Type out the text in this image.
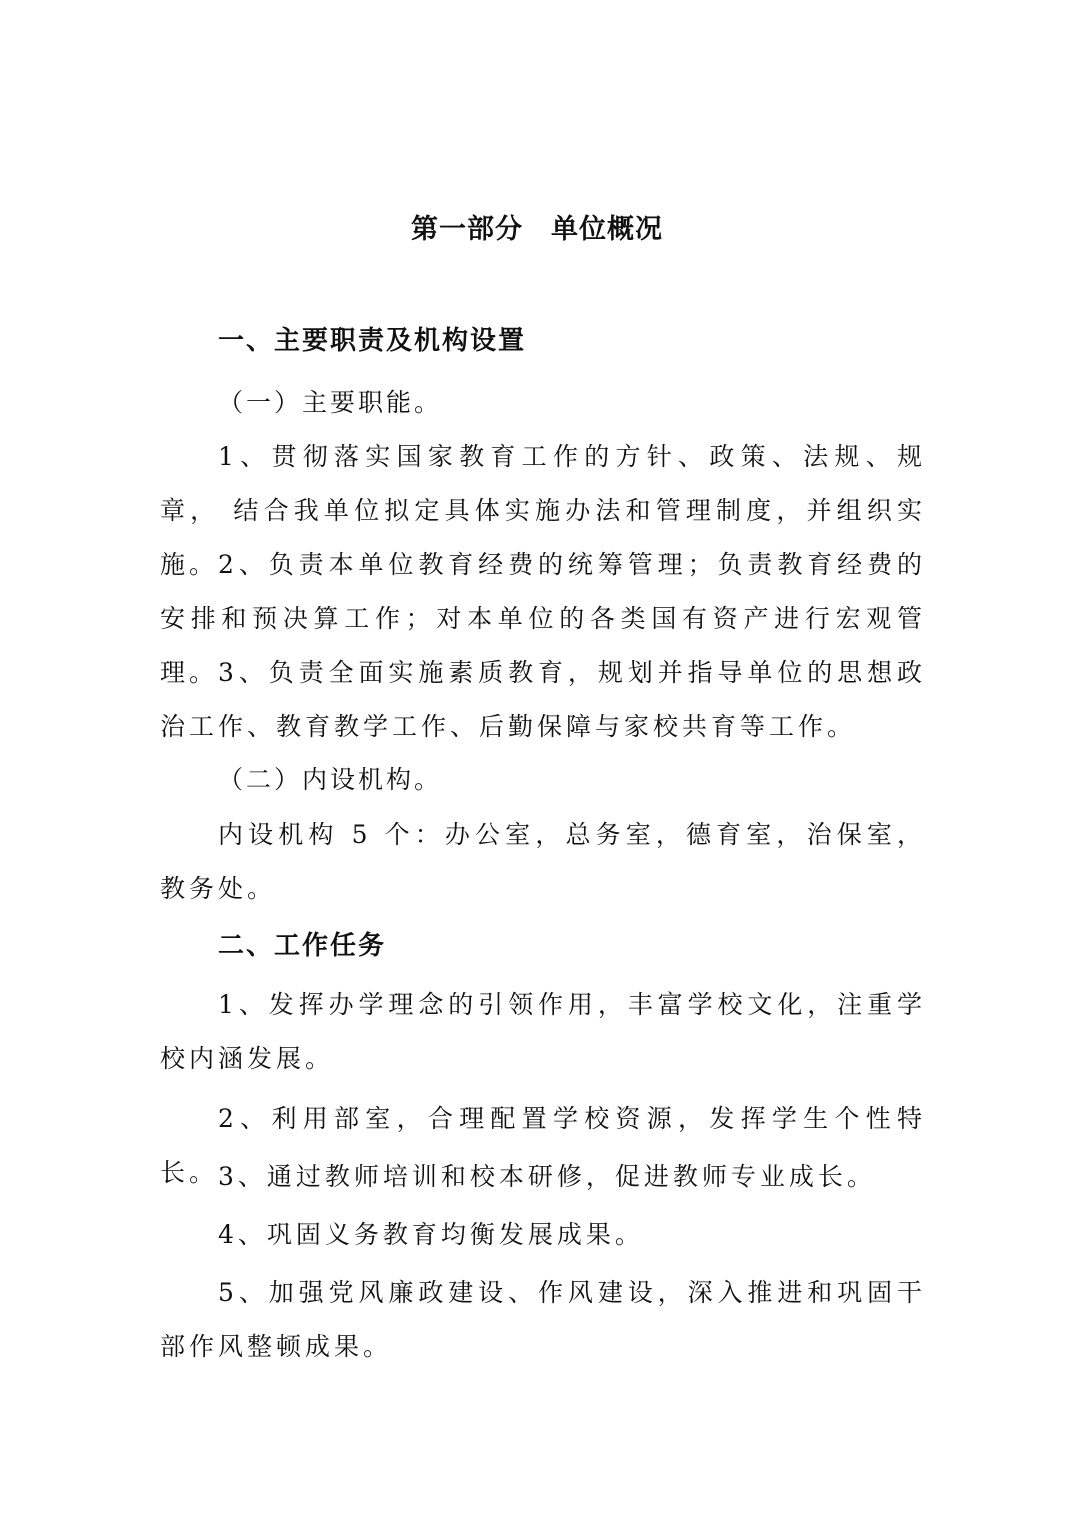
第一部分　单位概况
一、主要职责及机构设置
（一）主要职能。

1、贯彻落实国家教育工作的方针、政策、法规、规章， 结合我单位拟定具体实施办法和管理制度，并组织实施。 2、负责本单位教育经费的统筹管理；负责教育经费的安排和预决算工作；对本单位的各类国有资产进行宏观管理。 3、负责全面实施素质教育，规划并指导单位的思想政治工作、教育教学工作、后勤保障与家校共育等工作。

（二）内设机构。

内设机构 5 个：办公室，总务室，德育室，治保室，教务处。

二、工作任务

1、发挥办学理念的引领作用，丰富学校文化，注重学校内涵发展。

2、利用部室，合理配置学校资源，发挥学生个性特长。 3、通过教师培训和校本研修，促进教师专业成长。

4、巩固义务教育均衡发展成果。

5、加强党风廉政建设、作风建设，深入推进和巩固干部作风整顿成果。
